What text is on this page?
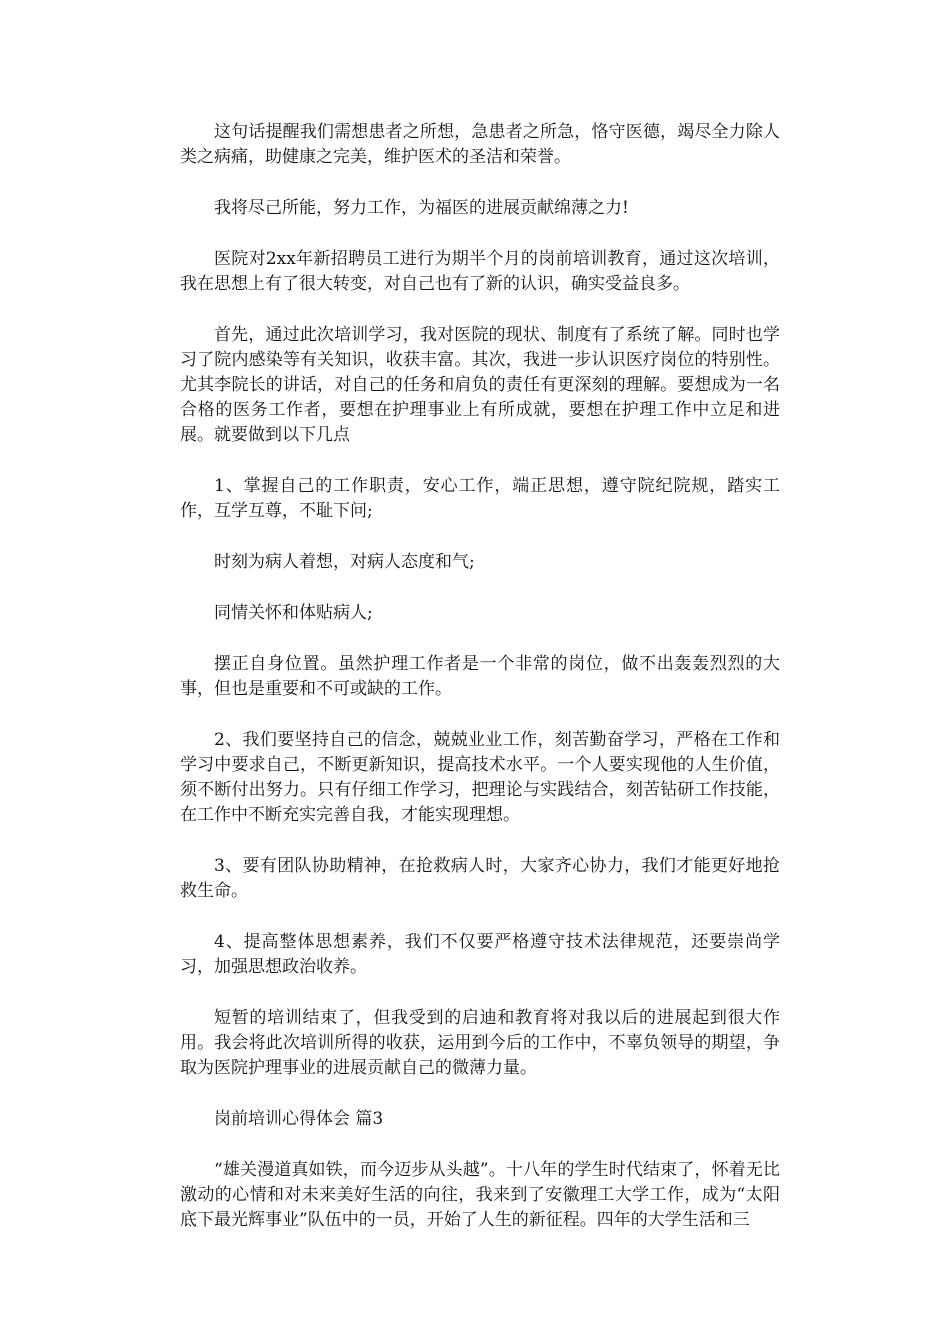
这句话提醒我们需想患者之所想，急患者之所急，恪守医德，竭尽全力除人类之病痛，助健康之完美，维护医术的圣洁和荣誉。

我将尽己所能，努力工作，为福医的进展贡献绵薄之力!

医院对2xx年新招聘员工进行为期半个月的岗前培训教育，通过这次培训，我在思想上有了很大转变，对自己也有了新的认识，确实受益良多。

首先，通过此次培训学习，我对医院的现状、制度有了系统了解。同时也学习了院内感染等有关知识，收获丰富。其次，我进一步认识医疗岗位的特别性。尤其李院长的讲话，对自己的任务和肩负的责任有更深刻的理解。要想成为一名合格的医务工作者，要想在护理事业上有所成就，要想在护理工作中立足和进展。就要做到以下几点

1、掌握自己的工作职责，安心工作，端正思想，遵守院纪院规，踏实工作，互学互尊，不耻下问;

时刻为病人着想，对病人态度和气;

同情关怀和体贴病人;

摆正自身位置。虽然护理工作者是一个非常的岗位，做不出轰轰烈烈的大事，但也是重要和不可或缺的工作。

2、我们要坚持自己的信念，兢兢业业工作，刻苦勤奋学习，严格在工作和学习中要求自己，不断更新知识，提高技术水平。一个人要实现他的人生价值，须不断付出努力。只有仔细工作学习，把理论与实践结合，刻苦钻研工作技能，在工作中不断充实完善自我，才能实现理想。

3、要有团队协助精神，在抢救病人时，大家齐心协力，我们才能更好地抢救生命。

4、提高整体思想素养，我们不仅要严格遵守技术法律规范，还要崇尚学习，加强思想政治收养。

短暂的培训结束了，但我受到的启迪和教育将对我以后的进展起到很大作用。我会将此次培训所得的收获，运用到今后的工作中，不辜负领导的期望，争取为医院护理事业的进展贡献自己的微薄力量。

岗前培训心得体会 篇3

“雄关漫道真如铁，而今迈步从头越”。十八年的学生时代结束了，怀着无比激动的心情和对未来美好生活的向往，我来到了安徽理工大学工作，成为“太阳底下最光辉事业”队伍中的一员，开始了人生的新征程。四年的大学生活和三
